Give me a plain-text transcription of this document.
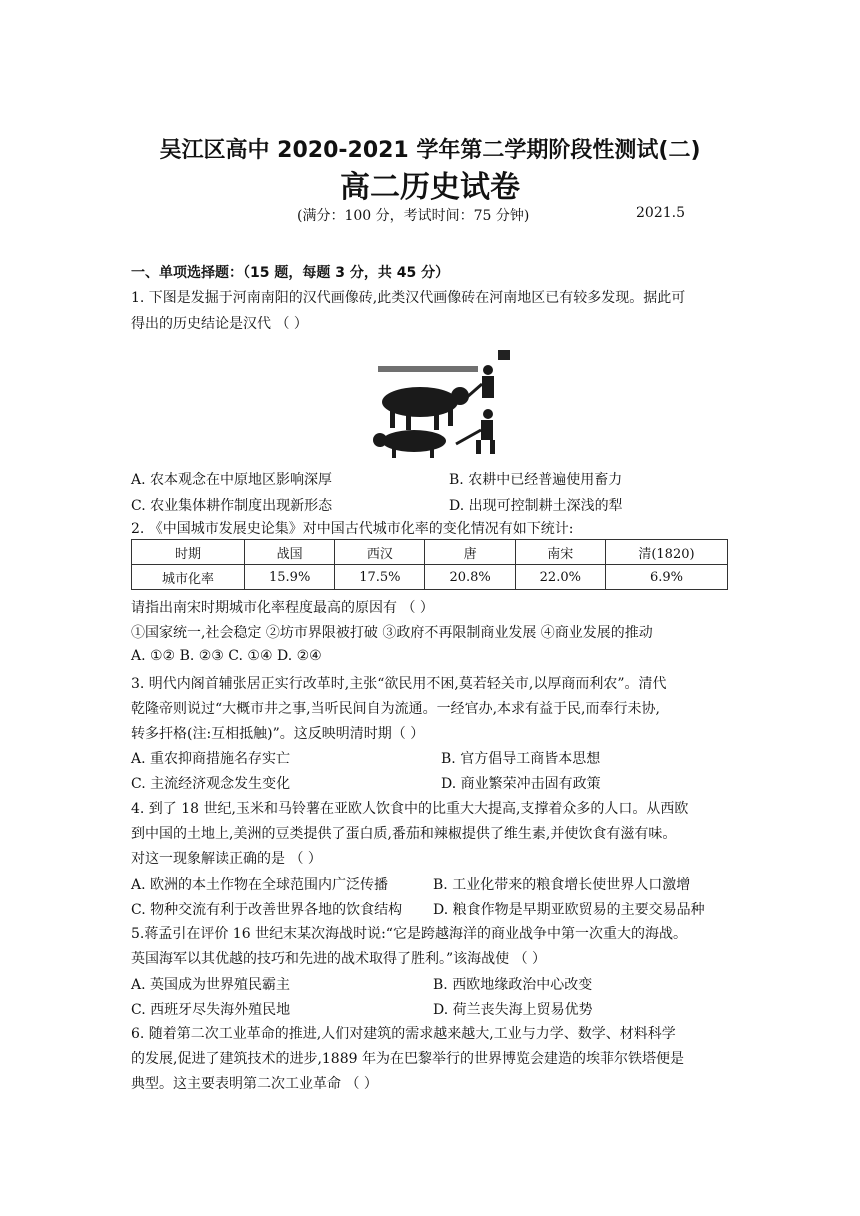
吴江区高中 2020-2021 学年第二学期阶段性测试(二)
高二历史试卷
(满分：100 分，考试时间：75 分钟)	2021.5
一、单项选择题：（15 题，每题 3 分，共 45 分）
1. 下图是发掘于河南南阳的汉代画像砖,此类汉代画像砖在河南地区已有较多发现。据此可
得出的历史结论是汉代 （ ）
A. 农本观念在中原地区影响深厚	B. 农耕中已经普遍使用畜力
C. 农业集体耕作制度出现新形态	D. 出现可控制耕土深浅的犁
2. 《中国城市发展史论集》对中国古代城市化率的变化情况有如下统计:
时期	战国	西汉	唐	南宋	清(1820)
城市化率	15.9%	17.5%	20.8%	22.0%	6.9%
请指出南宋时期城市化率程度最高的原因有 （ ）
①国家统一,社会稳定 ②坊市界限被打破 ③政府不再限制商业发展 ④商业发展的推动
A. ①② B. ②③ C. ①④ D. ②④
3. 明代内阁首辅张居正实行改革时,主张“欲民用不困,莫若轻关市,以厚商而利农”。清代
乾隆帝则说过“大概市井之事,当听民间自为流通。一经官办,本求有益于民,而奉行未协,
转多扞格(注:互相抵触)”。这反映明清时期（ ）
A. 重农抑商措施名存实亡	B. 官方倡导工商皆本思想
C. 主流经济观念发生变化	D. 商业繁荣冲击固有政策
4. 到了 18 世纪,玉米和马铃薯在亚欧人饮食中的比重大大提高,支撑着众多的人口。从西欧
到中国的土地上,美洲的豆类提供了蛋白质,番茄和辣椒提供了维生素,并使饮食有滋有味。
对这一现象解读正确的是 （ ）
A. 欧洲的本土作物在全球范围内广泛传播	B. 工业化带来的粮食增长使世界人口激增
C. 物种交流有利于改善世界各地的饮食结构 D. 粮食作物是早期亚欧贸易的主要交易品种
5.蒋孟引在评价 16 世纪末某次海战时说:“它是跨越海洋的商业战争中第一次重大的海战。
英国海军以其优越的技巧和先进的战术取得了胜利。”该海战使 （ ）
A. 英国成为世界殖民霸主	B. 西欧地缘政治中心改变
C. 西班牙尽失海外殖民地	D. 荷兰丧失海上贸易优势
6. 随着第二次工业革命的推进,人们对建筑的需求越来越大,工业与力学、数学、材料科学
的发展,促进了建筑技术的进步,1889 年为在巴黎举行的世界博览会建造的埃菲尔铁塔便是
典型。这主要表明第二次工业革命 （ ）
